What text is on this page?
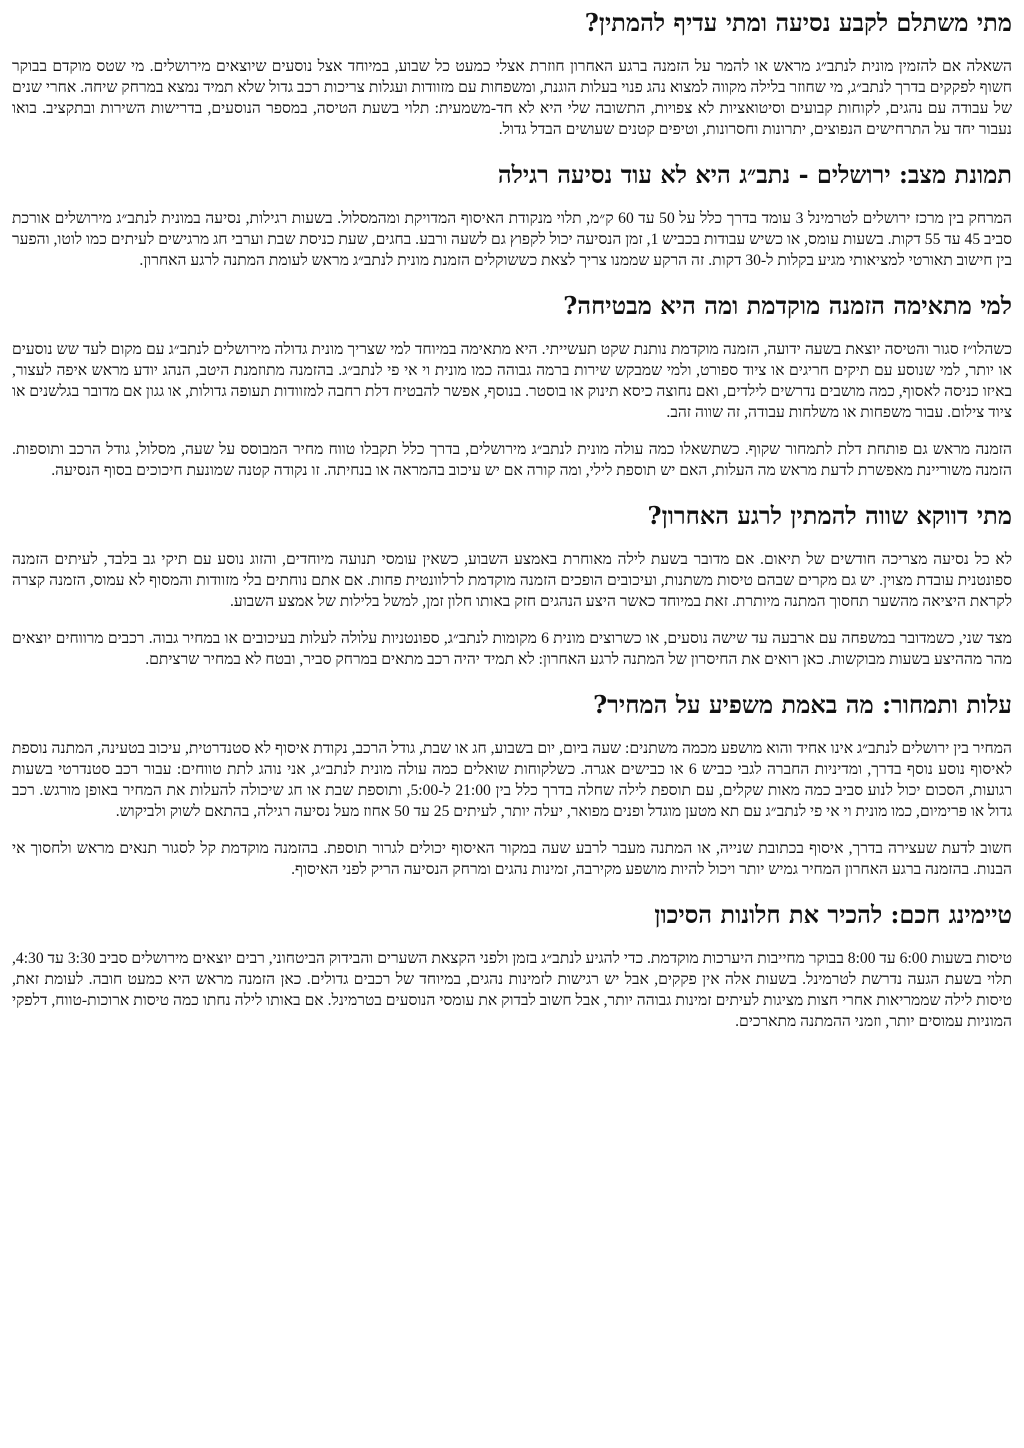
מתי משתלם לקבע נסיעה ומתי עדיף להמתין?

השאלה אם להזמין מונית לנתב״ג מראש או להמר על הזמנה ברגע האחרון חוזרת אצלי כמעט כל שבוע, במיוחד אצל נוסעים שיוצאים מירושלים. מי שטס מוקדם בבוקר חשוף לפקקים בדרך לנתב״ג, מי שחוזר בלילה מקווה למצוא נהג פנוי בעלות הוגנת, ומשפחות עם מזוודות ועגלות צריכות רכב גדול שלא תמיד נמצא במרחק שיחה. אחרי שנים של עבודה עם נהגים, לקוחות קבועים וסיטואציות לא צפויות, התשובה שלי היא לא חד-משמעית: תלוי בשעת הטיסה, במספר הנוסעים, בדרישות השירות ובתקציב. בואו נעבור יחד על התרחישים הנפוצים, יתרונות וחסרונות, וטיפים קטנים שעושים הבדל גדול.

תמונת מצב: ירושלים - נתב״ג היא לא עוד נסיעה רגילה

המרחק בין מרכז ירושלים לטרמינל 3 עומד בדרך כלל על 50 עד 60 ק״מ, תלוי מנקודת האיסוף המדויקת ומהמסלול. בשעות רגילות, נסיעה במונית לנתב״ג מירושלים אורכת סביב 45 עד 55 דקות. בשעות עומס, או כשיש עבודות בכביש 1, זמן הנסיעה יכול לקפוץ גם לשעה ורבע. בחגים, שעת כניסת שבת וערבי חג מרגישים לעיתים כמו לוטו, והפער בין חישוב תאורטי למציאותי מגיע בקלות ל-30 דקות. זה הרקע שממנו צריך לצאת כששוקלים הזמנת מונית לנתב״ג מראש לעומת המתנה לרגע האחרון.

למי מתאימה הזמנה מוקדמת ומה היא מבטיחה?

כשהלו״ז סגור והטיסה יוצאת בשעה ידועה, הזמנה מוקדמת נותנת שקט תעשייתי. היא מתאימה במיוחד למי שצריך מונית גדולה מירושלים לנתב״ג עם מקום לעד שש נוסעים או יותר, למי שנוסע עם תיקים חריגים או ציוד ספורט, ולמי שמבקש שירות ברמה גבוהה כמו מונית וי אי פי לנתב״ג. בהזמנה מתוזמנת היטב, הנהג יודע מראש איפה לעצור, באיזו כניסה לאסוף, כמה מושבים נדרשים לילדים, ואם נחוצה כיסא תינוק או בוסטר. בנוסף, אפשר להבטיח דלת רחבה למזוודות תעופה גדולות, או גגון אם מדובר בגלשנים או ציוד צילום. עבור משפחות או משלחות עבודה, זה שווה זהב.

הזמנה מראש גם פותחת דלת לתמחור שקוף. כשתשאלו כמה עולה מונית לנתב״ג מירושלים, בדרך כלל תקבלו טווח מחיר המבוסס על שעה, מסלול, גודל הרכב ותוספות. הזמנה משוריינת מאפשרת לדעת מראש מה העלות, האם יש תוספת לילי, ומה קורה אם יש עיכוב בהמראה או בנחיתה. זו נקודה קטנה שמונעת חיכוכים בסוף הנסיעה.

מתי דווקא שווה להמתין לרגע האחרון?

לא כל נסיעה מצריכה חודשים של תיאום. אם מדובר בשעת לילה מאוחרת באמצע השבוע, כשאין עומסי תנועה מיוחדים, והזוג נוסע עם תיקי גב בלבד, לעיתים הזמנה ספונטנית עובדת מצוין. יש גם מקרים שבהם טיסות משתנות, ועיכובים הופכים הזמנה מוקדמת לרלוונטית פחות. אם אתם נוחתים בלי מזוודות והמסוף לא עמוס, הזמנה קצרה לקראת היציאה מהשער תחסוך המתנה מיותרת. זאת במיוחד כאשר היצע הנהגים חזק באותו חלון זמן, למשל בלילות של אמצע השבוע.

מצד שני, כשמדובר במשפחה עם ארבעה עד שישה נוסעים, או כשרוצים מונית 6 מקומות לנתב״ג, ספונטניות עלולה לעלות בעיכובים או במחיר גבוה. רכבים מרווחים יוצאים מהר מההיצע בשעות מבוקשות. כאן רואים את החיסרון של המתנה לרגע האחרון: לא תמיד יהיה רכב מתאים במרחק סביר, ובטח לא במחיר שרציתם.

עלות ותמחור: מה באמת משפיע על המחיר?

המחיר בין ירושלים לנתב״ג אינו אחיד והוא מושפע מכמה משתנים: שעה ביום, יום בשבוע, חג או שבת, גודל הרכב, נקודת איסוף לא סטנדרטית, עיכוב בטעינה, המתנה נוספת לאיסוף נוסע נוסף בדרך, ומדיניות החברה לגבי כביש 6 או כבישים אגרה. כשלקוחות שואלים כמה עולה מונית לנתב״ג, אני נוהג לתת טווחים: עבור רכב סטנדרטי בשעות רגועות, הסכום יכול לנוע סביב כמה מאות שקלים, עם תוספת לילה שחלה בדרך כלל בין 21:00 ל-5:00, ותוספת שבת או חג שיכולה להעלות את המחיר באופן מורגש. רכב גדול או פרימיום, כמו מונית וי אי פי לנתב״ג עם תא מטען מוגדל ופנים מפואר, יעלה יותר, לעיתים 25 עד 50 אחוז מעל נסיעה רגילה, בהתאם לשוק ולביקוש.

חשוב לדעת שעצירה בדרך, איסוף בכתובת שנייה, או המתנה מעבר לרבע שעה במקור האיסוף יכולים לגרור תוספת. בהזמנה מוקדמת קל לסגור תנאים מראש ולחסוך אי הבנות. בהזמנה ברגע האחרון המחיר גמיש יותר ויכול להיות מושפע מקירבה, זמינות נהגים ומרחק הנסיעה הריק לפני האיסוף.

טיימינג חכם: להכיר את חלונות הסיכון

טיסות בשעות 6:00 עד 8:00 בבוקר מחייבות היערכות מוקדמת. כדי להגיע לנתב״ג בזמן ולפני הקצאת השערים והבידוק הביטחוני, רבים יוצאים מירושלים סביב 3:30 עד 4:30, תלוי בשעת הגעה נדרשת לטרמינל. בשעות אלה אין פקקים, אבל יש רגישות לזמינות נהגים, במיוחד של רכבים גדולים. כאן הזמנה מראש היא כמעט חובה. לעומת זאת, טיסות לילה שממריאות אחרי חצות מציגות לעיתים זמינות גבוהה יותר, אבל חשוב לבדוק את עומסי הנוסעים בטרמינל. אם באותו לילה נחתו כמה טיסות ארוכות-טווח, דלפקי המוניות עמוסים יותר, וזמני ההמתנה מתארכים.
